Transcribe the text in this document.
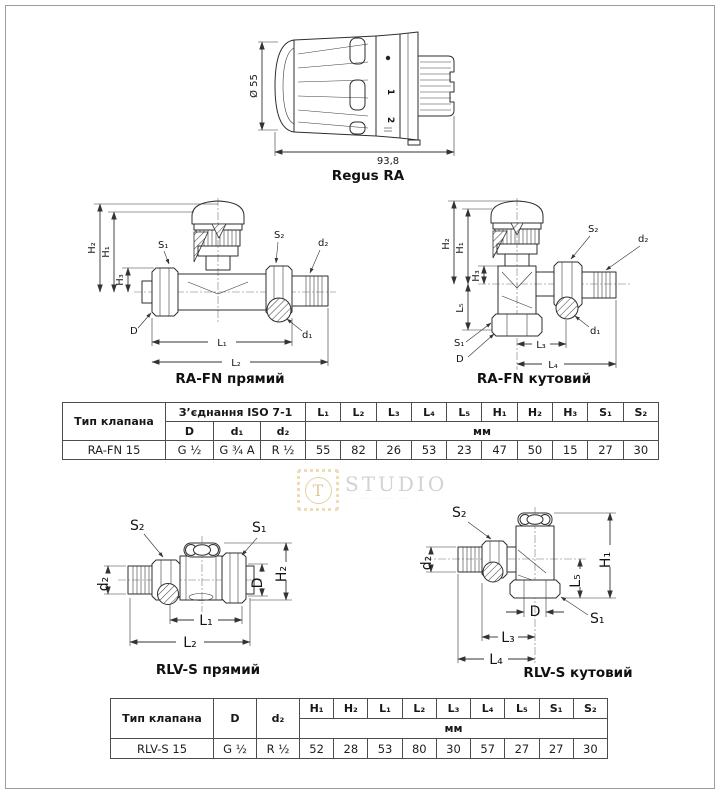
Ø 55	1
2
93,8
Regus RA
H₂ H₁
H₃
S₁
S₂
d₂
D	d₁
L₁
L₂
RA-FN прямий
H₂ H₁
H₃
L₅
S₂
d₂
d₁
S₁
D
L₃
L₄
RA-FN кутовий
Тип клапана	З’єднання ISO 7-1			L₁	L₂	L₃	L₄	L₅	H₁	H₂	H₃	S₁	S₂
	D	d₁	d₂	мм									
RA-FN 15	G ½	G ¾ A	R ½	55	82	26	53	23	47	50	15	27	30
T STUDIO
· ·· ····· ····· ···· ··
S₂	S₁
d₂	D
H₂
L₁
L₂
RLV-S прямий
S₂
d₂	H₁
L₅
D	S₁
L₃
L₄
RLV-S кутовий
Тип клапана	D	d₂	H₁	H₂	L₁	L₂	L₃	L₄	L₅	S₁	S₂
			мм								
RLV-S 15	G ½	R ½	52	28	53	80	30	57	27	27	30
